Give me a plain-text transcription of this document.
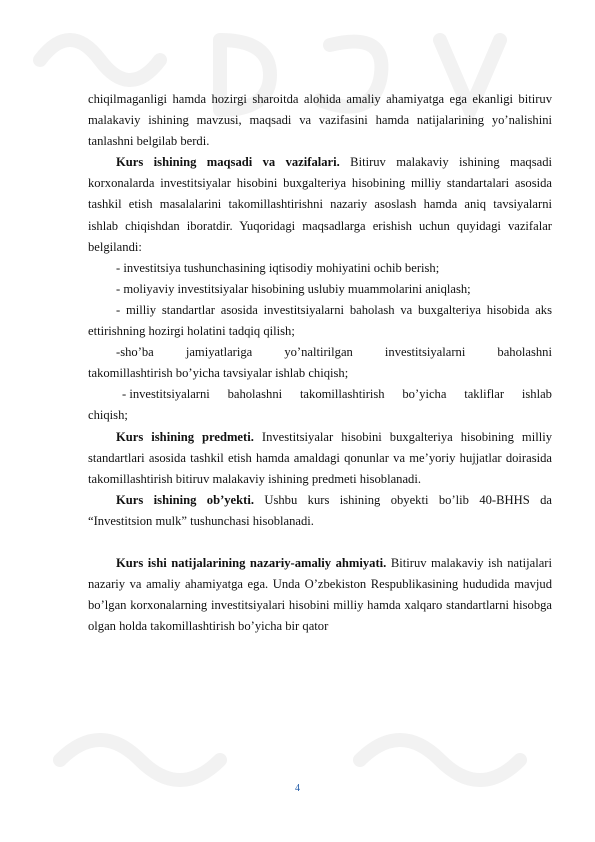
chiqilmaganligi hamda hozirgi sharoitda alohida amaliy ahamiyatga ega ekanligi bitiruv malakaviy ishining mavzusi, maqsadi va vazifasini hamda natijalarining yo’nalishini tanlashni belgilab berdi.

Kurs ishining maqsadi va vazifalari. Bitiruv malakaviy ishining maqsadi korxonalarda investitsiyalar hisobini buxgalteriya hisobining milliy standartalari asosida tashkil etish masalalarini takomillashtirishni nazariy asoslash hamda aniq tavsiyalarni ishlab chiqishdan iboratdir. Yuqoridagi maqsadlarga erishish uchun quyidagi vazifalar belgilandi:

- investitsiya tushunchasining iqtisodiy mohiyatini ochib berish;

- moliyaviy investitsiyalar hisobining uslubiy muammolarini aniqlash;

- milliy standartlar asosida investitsiyalarni baholash va buxgalteriya hisobida aks ettirishning hozirgi holatini tadqiq qilish;

-sho’ba	jamiyatlariga	yo’naltirilgan	investitsiyalarni	baholashni

takomillashtirish bo’yicha tavsiyalar ishlab chiqish;

- investitsiyalarni baholashni takomillashtirish bo’yicha takliflar ishlab

chiqish;

Kurs ishining predmeti. Investitsiyalar hisobini buxgalteriya hisobining milliy standartlari asosida tashkil etish hamda amaldagi qonunlar va me’yoriy hujjatlar doirasida takomillashtirish bitiruv malakaviy ishining predmeti hisoblanadi.

Kurs ishining ob’yekti. Ushbu kurs ishining obyekti bo’lib 40-BHHS da “Investitsion mulk” tushunchasi hisoblanadi.

Kurs ishi natijalarining nazariy-amaliy ahmiyati. Bitiruv malakaviy ish natijalari nazariy va amaliy ahamiyatga ega. Unda O’zbekiston Respublikasining hududida mavjud bo’lgan korxonalarning investitsiyalari hisobini milliy hamda xalqaro standartlarni hisobga olgan holda takomillashtirish bo’yicha bir qator

4
